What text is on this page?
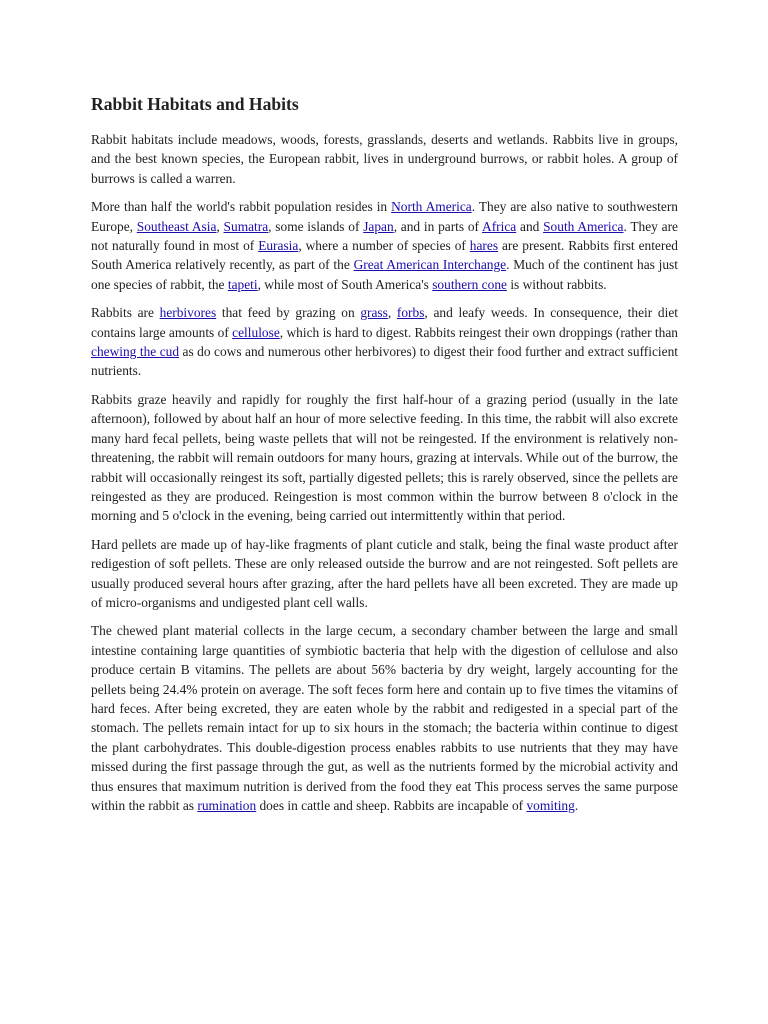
Rabbit Habitats and Habits

Rabbit habitats include meadows, woods, forests, grasslands, deserts and wetlands. Rabbits live in groups, and the best known species, the European rabbit, lives in underground burrows, or rabbit holes. A group of burrows is called a warren.

More than half the world's rabbit population resides in North America. They are also native to southwestern Europe, Southeast Asia, Sumatra, some islands of Japan, and in parts of Africa and South America. They are not naturally found in most of Eurasia, where a number of species of hares are present. Rabbits first entered South America relatively recently, as part of the Great American Interchange. Much of the continent has just one species of rabbit, the tapeti, while most of South America's southern cone is without rabbits.

Rabbits are herbivores that feed by grazing on grass, forbs, and leafy weeds. In consequence, their diet contains large amounts of cellulose, which is hard to digest. Rabbits reingest their own droppings (rather than chewing the cud as do cows and numerous other herbivores) to digest their food further and extract sufficient nutrients.

Rabbits graze heavily and rapidly for roughly the first half-hour of a grazing period (usually in the late afternoon), followed by about half an hour of more selective feeding. In this time, the rabbit will also excrete many hard fecal pellets, being waste pellets that will not be reingested. If the environment is relatively non-threatening, the rabbit will remain outdoors for many hours, grazing at intervals. While out of the burrow, the rabbit will occasionally reingest its soft, partially digested pellets; this is rarely observed, since the pellets are reingested as they are produced. Reingestion is most common within the burrow between 8 o'clock in the morning and 5 o'clock in the evening, being carried out intermittently within that period.

Hard pellets are made up of hay-like fragments of plant cuticle and stalk, being the final waste product after redigestion of soft pellets. These are only released outside the burrow and are not reingested. Soft pellets are usually produced several hours after grazing, after the hard pellets have all been excreted. They are made up of micro-organisms and undigested plant cell walls.

The chewed plant material collects in the large cecum, a secondary chamber between the large and small intestine containing large quantities of symbiotic bacteria that help with the digestion of cellulose and also produce certain B vitamins. The pellets are about 56% bacteria by dry weight, largely accounting for the pellets being 24.4% protein on average. The soft feces form here and contain up to five times the vitamins of hard feces. After being excreted, they are eaten whole by the rabbit and redigested in a special part of the stomach. The pellets remain intact for up to six hours in the stomach; the bacteria within continue to digest the plant carbohydrates. This double-digestion process enables rabbits to use nutrients that they may have missed during the first passage through the gut, as well as the nutrients formed by the microbial activity and thus ensures that maximum nutrition is derived from the food they eat This process serves the same purpose within the rabbit as rumination does in cattle and sheep. Rabbits are incapable of vomiting.
